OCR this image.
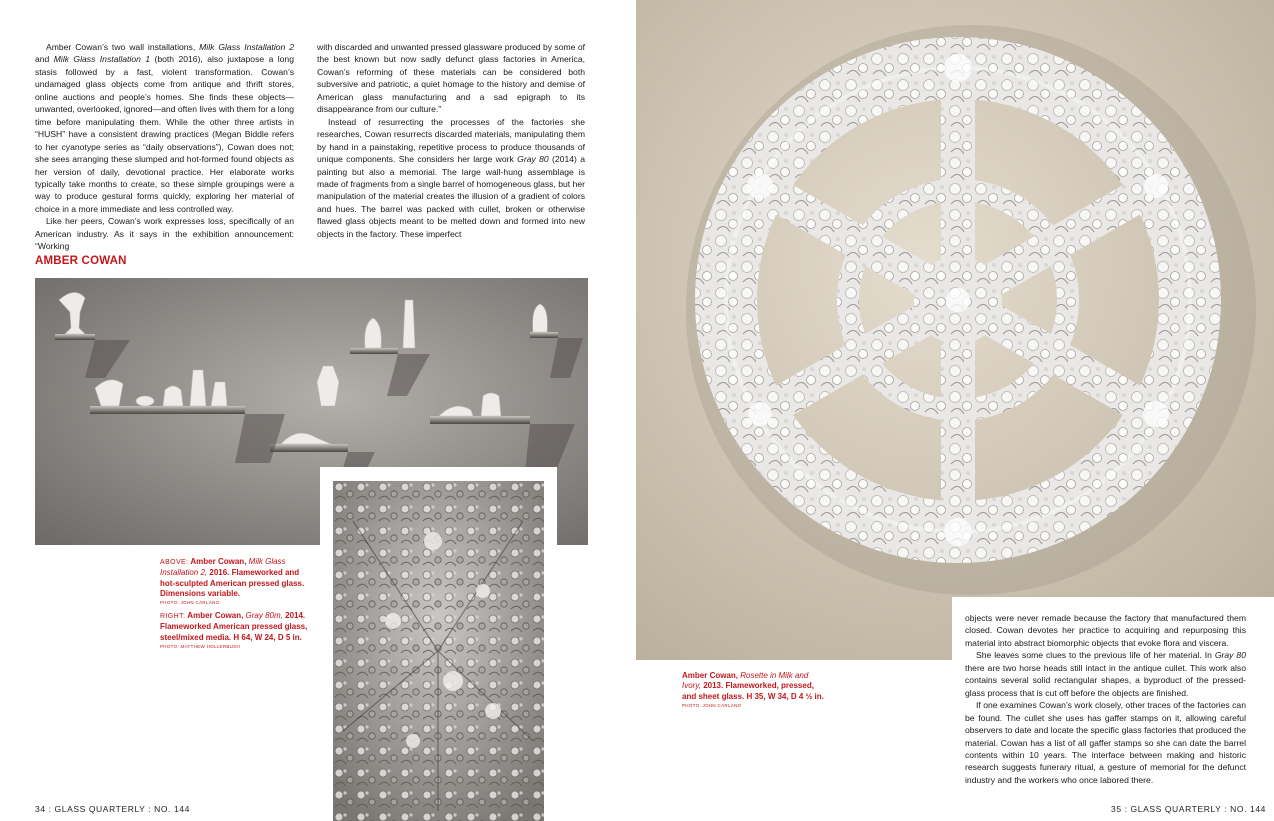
Amber Cowan’s two wall installations, Milk Glass Installation 2 and Milk Glass Installation 1 (both 2016), also juxtapose a long stasis followed by a fast, violent transformation. Cowan’s undamaged glass objects come from antique and thrift stores, online auctions and people’s homes. She finds these objects—unwanted, overlooked, ignored—and often lives with them for a long time before manipulating them. While the other three artists in “HUSH” have a consistent drawing practices (Megan Biddle refers to her cyanotype series as “daily observations”), Cowan does not; she sees arranging these slumped and hot-formed found objects as her version of daily, devotional practice. Her elaborate works typically take months to create, so these simple groupings were a way to produce gestural forms quickly, exploring her material of choice in a more immediate and less controlled way.

Like her peers, Cowan’s work expresses loss, specifically of an American industry. As it says in the exhibition announcement: “Working

with discarded and unwanted pressed glassware produced by some of the best known but now sadly defunct glass factories in America, Cowan’s reforming of these materials can be considered both subversive and patriotic, a quiet homage to the history and demise of American glass manufacturing and a sad epigraph to its disappearance from our culture.”

Instead of resurrecting the processes of the factories she researches, Cowan resurrects discarded materials, manipulating them by hand in a painstaking, repetitive process to produce thousands of unique components. She considers her large work Gray 80 (2014) a painting but also a memorial. The large wall-hung assemblage is made of fragments from a single barrel of homogeneous glass, but her manipulation of the material creates the illusion of a gradient of colors and hues. The barrel was packed with cullet, broken or otherwise flawed glass objects meant to be melted down and formed into new objects in the factory. These imperfect

AMBER COWAN
ABOVE: Amber Cowan, Milk Glass Installation 2, 2016. Flameworked and hot-sculpted American pressed glass. Dimensions variable.
PHOTO: JOHN CARLANO
RIGHT: Amber Cowan, Gray 80m, 2014. Flameworked American pressed glass, steel/mixed media. H 64, W 24, D 5 in.
PHOTO: MATTHEW HOLLERBUSH
34 : GLASS QUARTERLY : NO. 144

objects were never remade because the factory that manufactured them closed. Cowan devotes her practice to acquiring and repurposing this material into abstract biomorphic objects that evoke flora and viscera.

She leaves some clues to the previous life of her material. In Gray 80 there are two horse heads still intact in the antique cullet. This work also contains several solid rectangular shapes, a byproduct of the pressed-glass process that is cut off before the objects are finished.

If one examines Cowan’s work closely, other traces of the factories can be found. The cullet she uses has gaffer stamps on it, allowing careful observers to date and locate the specific glass factories that produced the material. Cowan has a list of all gaffer stamps so she can date the barrel contents within 10 years. The interface between making and historic research suggests funerary ritual, a gesture of memorial for the defunct industry and the workers who once labored there.

Amber Cowan, Rosette in Milk and Ivory, 2013. Flameworked, pressed, and sheet glass. H 35, W 34, D 4 ½ in.
PHOTO: JOHN CARLANO
35 : GLASS QUARTERLY : NO. 144
